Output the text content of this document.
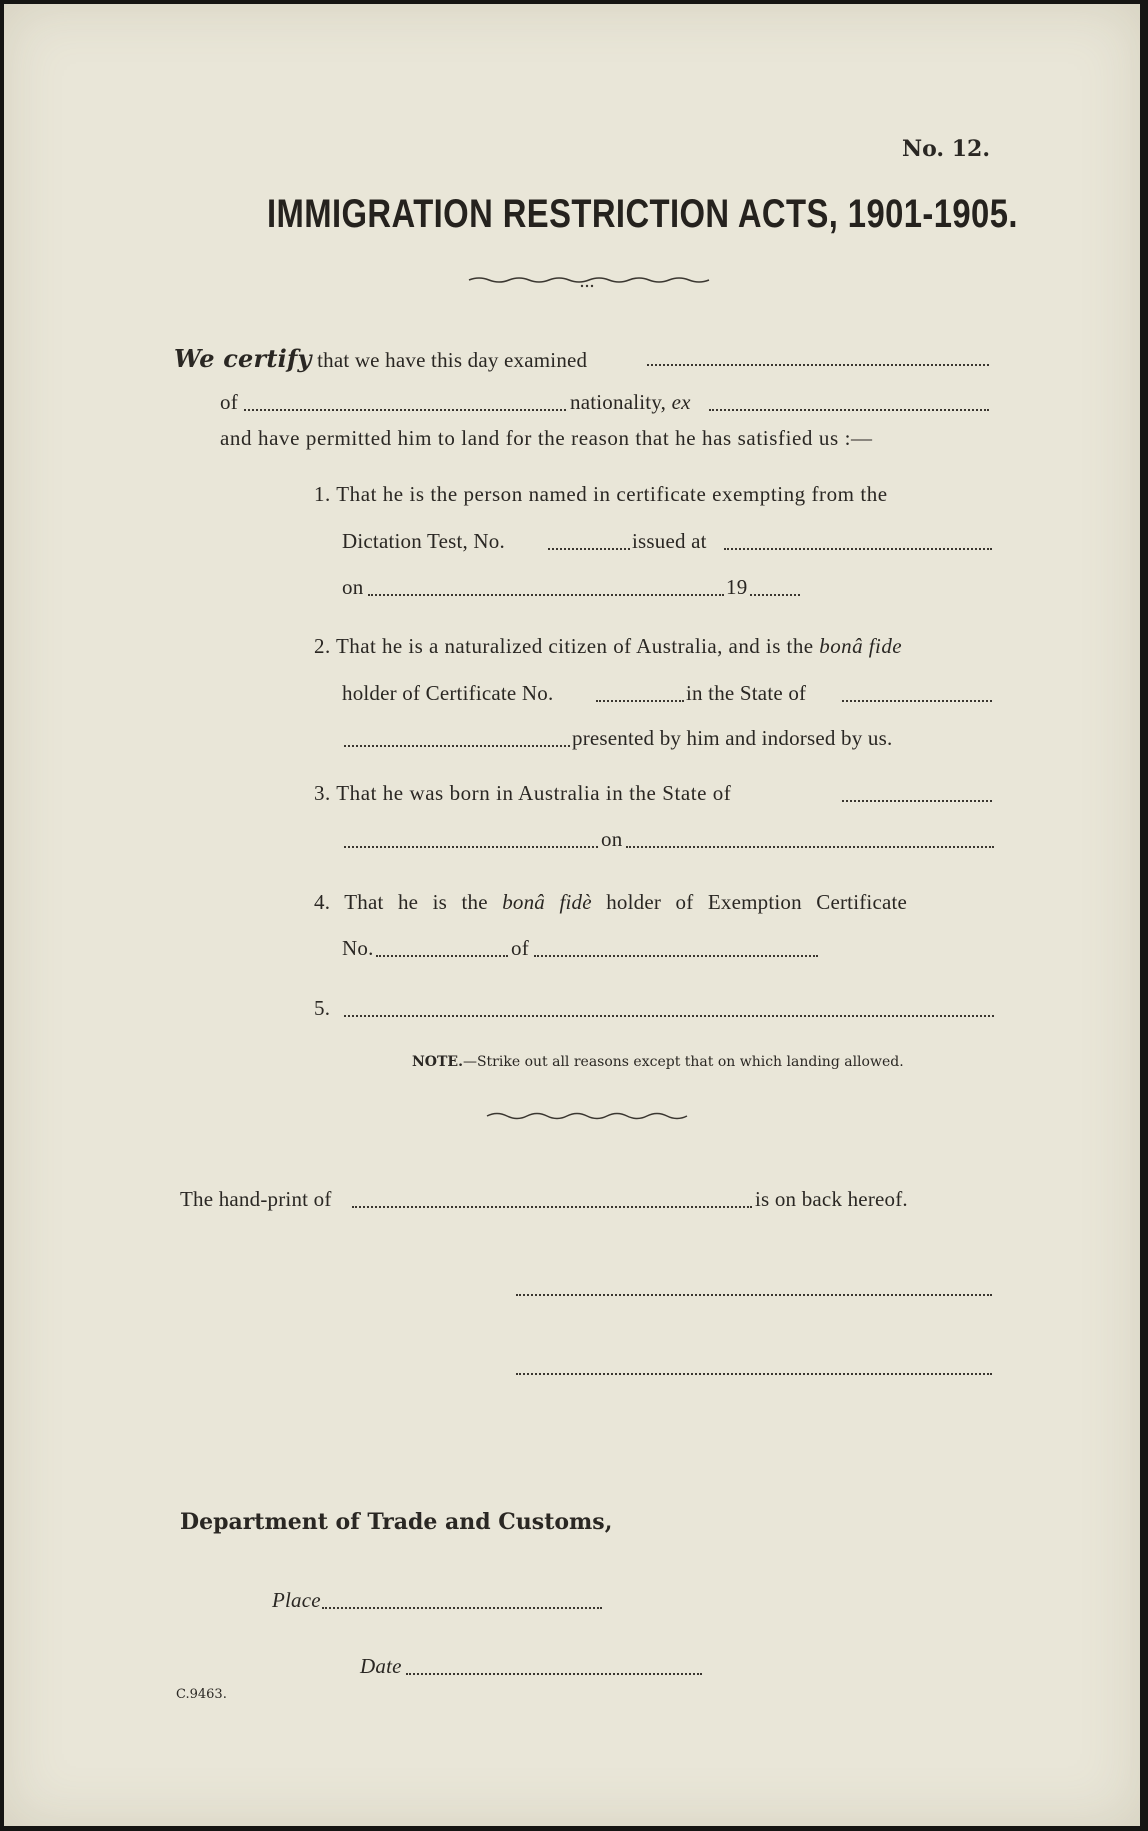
No. 12.
IMMIGRATION RESTRICTION ACTS, 1901-1905.
We certify that we have this day examined
of	nationality, ex
and have permitted him to land for the reason that he has satisfied us :—
1. That he is the person named in certificate exempting from the
Dictation Test, No.	issued at
on	19
2. That he is a naturalized citizen of Australia, and is the bonâ fide
holder of Certificate No.	in the State of
presented by him and indorsed by us.
3. That he was born in Australia in the State of
on
4. That he is the bonâ fidè holder of Exemption Certificate
No.	of
5.
NOTE.—Strike out all reasons except that on which landing allowed.
The hand-print of	is on back hereof.
Department of Trade and Customs,
Place
Date
C.9463.
